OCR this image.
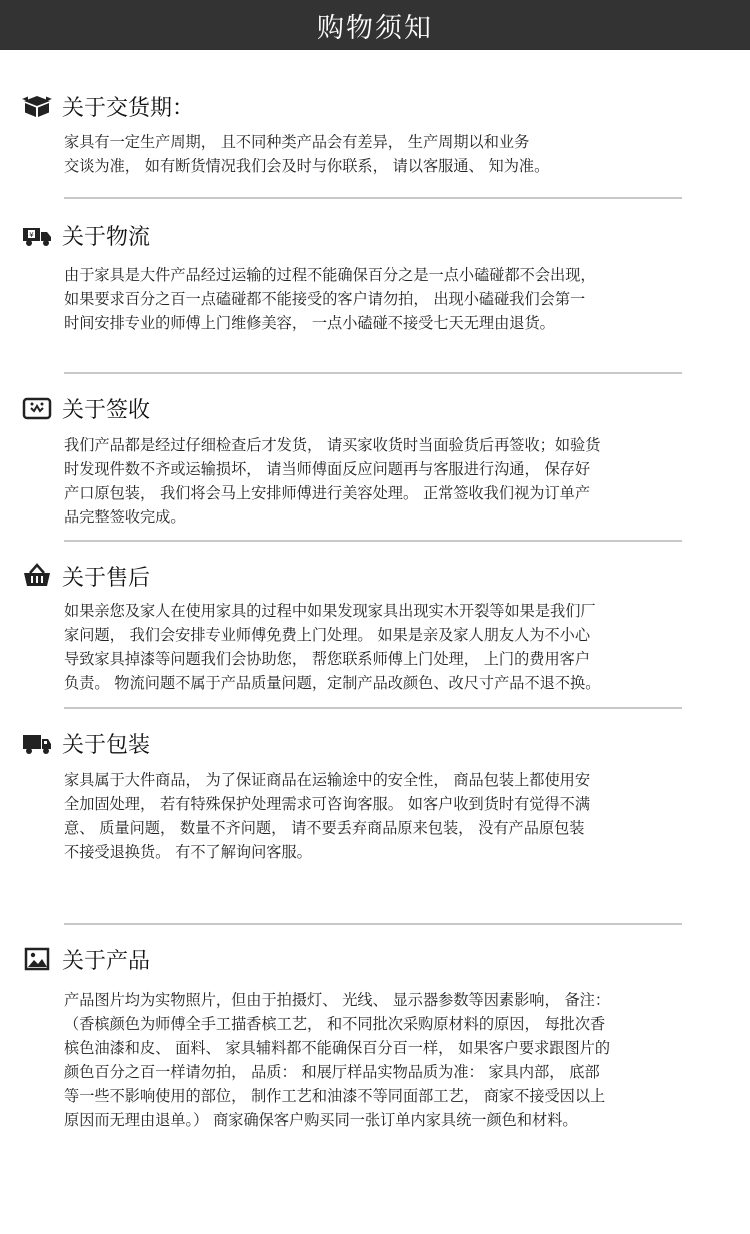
购物须知
关于交货期：
家具有一定生产周期， 且不同种类产品会有差异， 生产周期以和业务
交谈为准， 如有断货情况我们会及时与你联系， 请以客服通、 知为准。
¥ 关于物流
由于家具是大件产品经过运输的过程不能确保百分之是一点小磕碰都不会出现，
如果要求百分之百一点磕碰都不能接受的客户请勿拍， 出现小磕碰我们会第一
时间安排专业的师傅上门维修美容， 一点小磕碰不接受七天无理由退货。
关于签收
我们产品都是经过仔细检查后才发货， 请买家收货时当面验货后再签收；如验货
时发现件数不齐或运输损坏， 请当师傅面反应问题再与客服进行沟通， 保存好
产口原包装， 我们将会马上安排师傅进行美容处理。 正常签收我们视为订单产
品完整签收完成。
关于售后
如果亲您及家人在使用家具的过程中如果发现家具出现实木开裂等如果是我们厂
家问题， 我们会安排专业师傅免费上门处理。 如果是亲及家人朋友人为不小心
导致家具掉漆等问题我们会协助您， 帮您联系师傅上门处理， 上门的费用客户
负责。 物流问题不属于产品质量问题，定制产品改颜色、改尺寸产品不退不换。
关于包装
家具属于大件商品， 为了保证商品在运输途中的安全性， 商品包装上都使用安
全加固处理， 若有特殊保护处理需求可咨询客服。 如客户收到货时有觉得不满
意、 质量问题， 数量不齐问题， 请不要丢弃商品原来包装， 没有产品原包装
不接受退换货。 有不了解询问客服。
关于产品
产品图片均为实物照片，但由于拍摄灯、 光线、 显示器参数等因素影响， 备注：
（香槟颜色为师傅全手工描香槟工艺， 和不同批次采购原材料的原因， 每批次香
槟色油漆和皮、 面料、 家具辅料都不能确保百分百一样， 如果客户要求跟图片的
颜色百分之百一样请勿拍， 品质： 和展厅样品实物品质为准： 家具内部， 底部
等一些不影响使用的部位， 制作工艺和油漆不等同面部工艺， 商家不接受因以上
原因而无理由退单。） 商家确保客户购买同一张订单内家具统一颜色和材料。
